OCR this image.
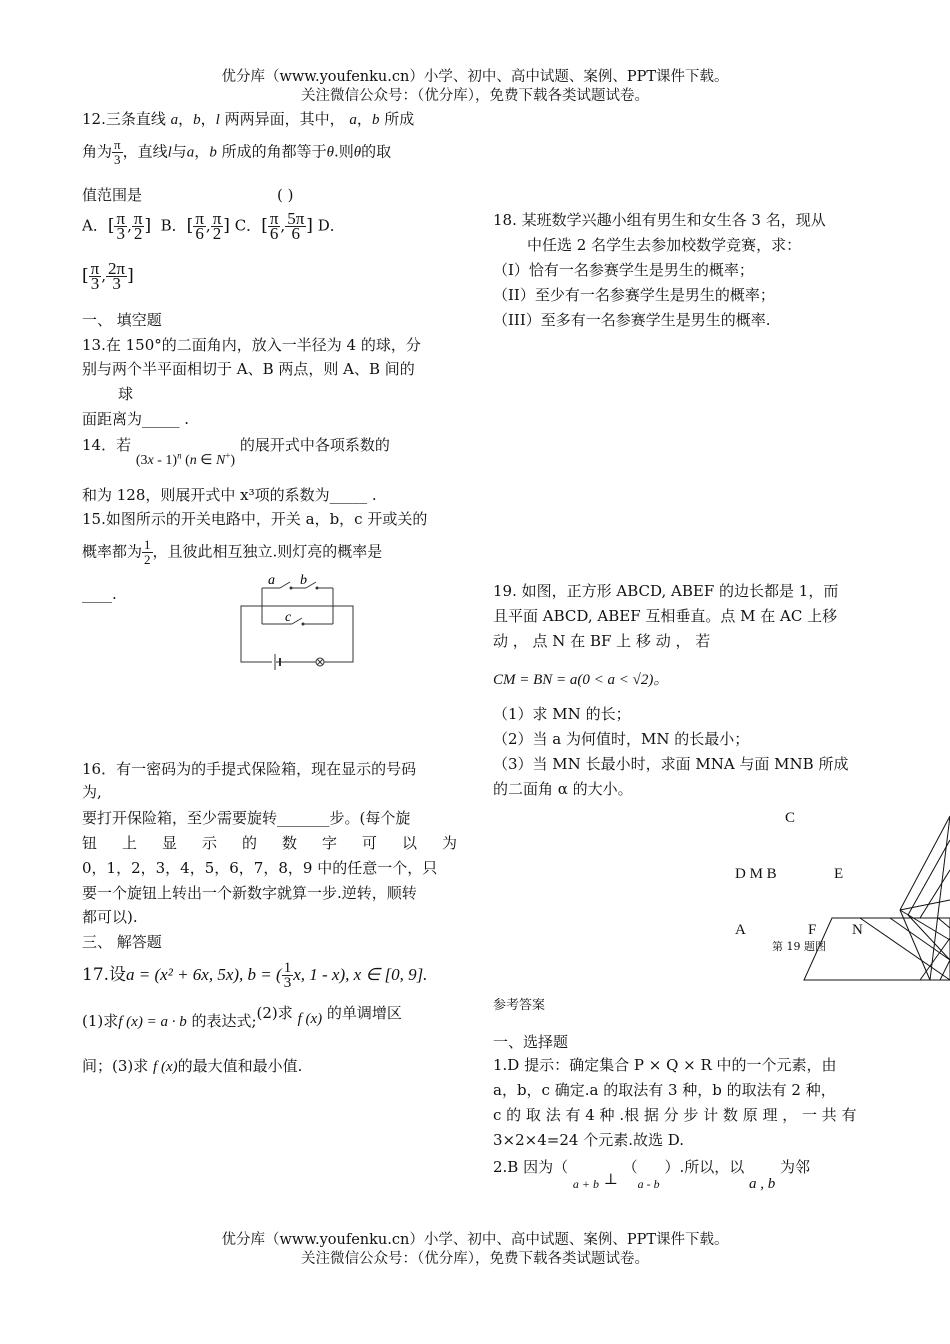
优分库（www.youfenku.cn）小学、初中、高中试题、案例、PPT课件下载。
关注微信公众号：（优分库），免费下载各类试题试卷。
12.三条直线 a，b，l 两两异面，其中， a，b 所成
角为 $\frac{\pi}{3}$ ，直线l与a，b 所成的角都等于θ.则θ的取
值范围是	( )
A．[ $\frac{\pi}{3}$ , $\frac{\pi}{2}$ ] B．[ $\frac{\pi}{6}$ , $\frac{\pi}{2}$ ] C．[ $\frac{\pi}{6}$ , $\frac{5\pi}{6}$ ] D．
[ $\frac{\pi}{3}$ , $\frac{2\pi}{3}$ ]
一、 填空题
13.在 150°的二面角内，放入一半径为 4 的球，分
别与两个半平面相切于 A、B 两点，则 A、B 间的
球
面距离为_____ .
14．若 (3x - 1)$^n$ (n ∈ N+) 的展开式中各项系数的
和为 128，则展开式中 x³项的系数为_____ .
15.如图所示的开关电路中，开关 a，b，c 开或关的
概率都为 $\frac{1}{2}$ ，且彼此相互独立.则灯亮的概率是
____.
a b
c
16．有一密码为的手提式保险箱，现在显示的号码
为,
要打开保险箱，至少需要旋转_______步。(每个旋
钮 上 显 示 的 数 字 可 以 为
0，1，2，3，4，5，6，7，8，9 中的任意一个，只
要一个旋钮上转出一个新数字就算一步.逆转，顺转
都可以).
三、 解答题
17.设a = (x² + 6x, 5x), b = ( $\frac{1}{3} x$, 1 - x), x ∈ [0, 9].
(1)求f (x) = a · b 的表达式;(2)求 f (x) 的单调增区
间；(3)求 f (x)的最大值和最小值.
18. 某班数学兴趣小组有男生和女生各 3 名，现从
中任选 2 名学生去参加校数学竞赛，求：
（I）恰有一名参赛学生是男生的概率；
（II）至少有一名参赛学生是男生的概率；
（III）至多有一名参赛学生是男生的概率.
19. 如图，正方形 ABCD, ABEF 的边长都是 1，而
且平面 ABCD, ABEF 互相垂直。点 M 在 AC 上移
动 ， 点 N 在 BF 上 移 动 ， 若
CM = BN = a(0 < a < √2)。
（1）求 MN 的长；
（2）当 a 为何值时，MN 的长最小；
（3）当 MN 长最小时，求面 MNA 与面 MNB 所成
的二面角 α 的大小。
C
D M B	E
A	F N
第 19 题图
参考答案
一、选择题
1.D 提示：确定集合 P × Q × R 中的一个元素，由
a，b，c 确定.a 的取法有 3 种，b 的取法有 2 种，
c 的 取 法 有 4 种 .根 据 分 步 计 数 原 理 ， 一 共 有
3×2×4=24 个元素.故选 D.
2.B 因为（ $_{a + b}$ ⊥ （$_{a - b}$ ）.所以，以 a , b 为邻
优分库（www.youfenku.cn）小学、初中、高中试题、案例、PPT课件下载。
关注微信公众号：（优分库），免费下载各类试题试卷。
